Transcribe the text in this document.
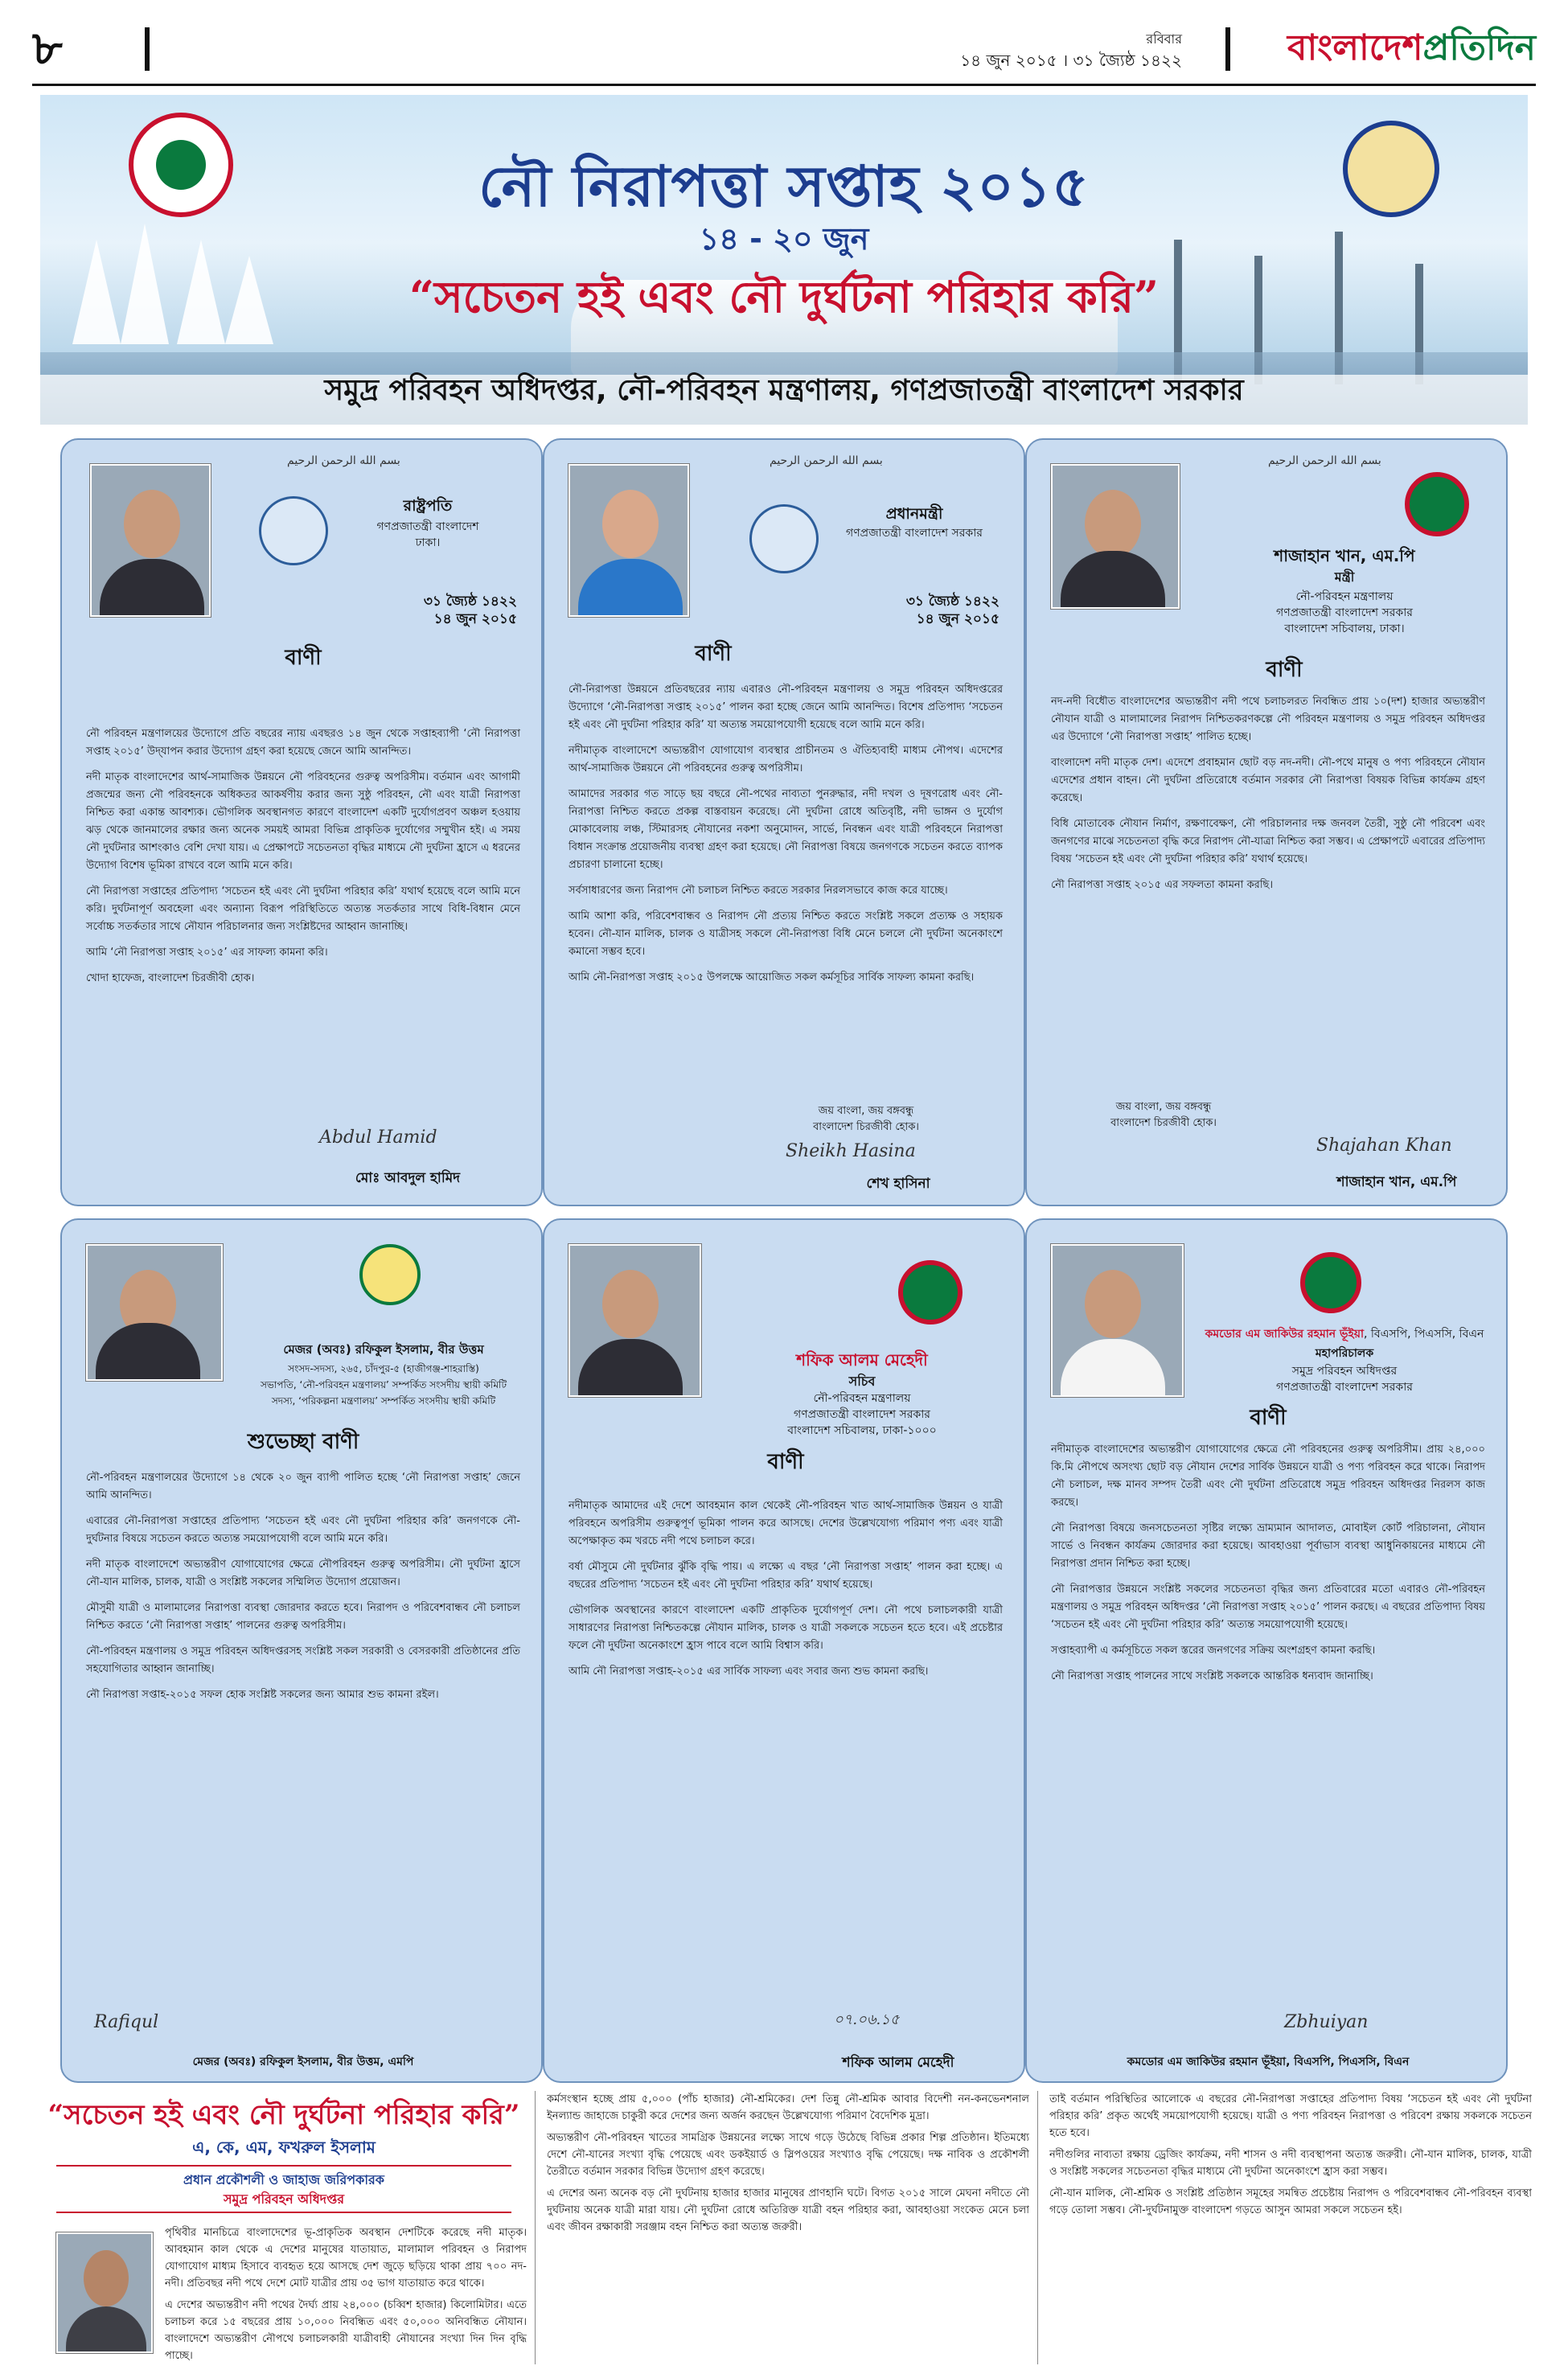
৮	রবিবার
১৪ জুন ২০১৫ । ৩১ জ্যৈষ্ঠ ১৪২২	বাংলাদেশপ্রতিদিন
নৌ নিরাপত্তা সপ্তাহ ২০১৫
১৪ - ২০ জুন
“সচেতন হই এবং নৌ দুর্ঘটনা পরিহার করি”
সমুদ্র পরিবহন অধিদপ্তর, নৌ-পরিবহন মন্ত্রণালয়, গণপ্রজাতন্ত্রী বাংলাদেশ সরকার
بسم الله الرحمن الرحيم
রাষ্ট্রপতি
গণপ্রজাতন্ত্রী বাংলাদেশ
ঢাকা।
৩১ জ্যৈষ্ঠ ১৪২২
১৪ জুন ২০১৫
বাণী

নৌ পরিবহন মন্ত্রণালয়ের উদ্যোগে প্রতি বছরের ন্যায় এবছরও ১৪ জুন থেকে সপ্তাহব্যাপী ‘নৌ নিরাপত্তা সপ্তাহ ২০১৫’ উদ্‌যাপন করার উদ্যোগ গ্রহণ করা হয়েছে জেনে আমি আনন্দিত।

নদী মাতৃক বাংলাদেশের আর্থ-সামাজিক উন্নয়নে নৌ পরিবহনের গুরুত্ব অপরিসীম। বর্তমান এবং আগামী প্রজন্মের জন্য নৌ পরিবহনকে অধিকতর আকর্ষণীয় করার জন্য সুষ্ঠু পরিবহন, নৌ এবং যাত্রী নিরাপত্তা নিশ্চিত করা একান্ত আবশ্যক। ভৌগলিক অবস্থানগত কারণে বাংলাদেশ একটি দুর্যোগপ্রবণ অঞ্চল হওয়ায় ঝড় থেকে জানমালের রক্ষার জন্য অনেক সময়ই আমরা বিভিন্ন প্রাকৃতিক দুর্যোগের সম্মুখীন হই। এ সময় নৌ দুর্ঘটনার আশংকাও বেশি দেখা যায়। এ প্রেক্ষাপটে সচেতনতা বৃদ্ধির মাধ্যমে নৌ দুর্ঘটনা হ্রাসে এ ধরনের উদ্যোগ বিশেষ ভূমিকা রাখবে বলে আমি মনে করি।

নৌ নিরাপত্তা সপ্তাহের প্রতিপাদ্য ‘সচেতন হই এবং নৌ দুর্ঘটনা পরিহার করি’ যথার্থ হয়েছে বলে আমি মনে করি। দুর্ঘটনাপূর্ণ অবহেলা এবং অন্যান্য বিরূপ পরিস্থিতিতে অত্যন্ত সতর্কতার সাথে বিধি-বিধান মেনে সর্বোচ্চ সতর্কতার সাথে নৌযান পরিচালনার জন্য সংশ্লিষ্টদের আহ্বান জানাচ্ছি।

আমি ‘নৌ নিরাপত্তা সপ্তাহ ২০১৫’ এর সাফল্য কামনা করি।

খোদা হাফেজ, বাংলাদেশ চিরজীবী হোক।

Abdul Hamid
মোঃ আবদুল হামিদ
بسم الله الرحمن الرحيم
প্রধানমন্ত্রী
গণপ্রজাতন্ত্রী বাংলাদেশ সরকার
৩১ জ্যৈষ্ঠ ১৪২২
১৪ জুন ২০১৫
বাণী

নৌ-নিরাপত্তা উন্নয়নে প্রতিবছরের ন্যায় এবারও নৌ-পরিবহন মন্ত্রণালয় ও সমুদ্র পরিবহন অধিদপ্তরের উদ্যোগে ‘নৌ-নিরাপত্তা সপ্তাহ ২০১৫’ পালন করা হচ্ছে জেনে আমি আনন্দিত। বিশেষ প্রতিপাদ্য ‘সচেতন হই এবং নৌ দুর্ঘটনা পরিহার করি’ যা অত্যন্ত সময়োপযোগী হয়েছে বলে আমি মনে করি।

নদীমাতৃক বাংলাদেশে অভ্যন্তরীণ যোগাযোগ ব্যবস্থার প্রাচীনতম ও ঐতিহ্যবাহী মাধ্যম নৌপথ। এদেশের আর্থ-সামাজিক উন্নয়নে নৌ পরিবহনের গুরুত্ব অপরিসীম।

আমাদের সরকার গত সাড়ে ছয় বছরে নৌ-পথের নাব্যতা পুনরুদ্ধার, নদী দখল ও দূষণরোধ এবং নৌ-নিরাপত্তা নিশ্চিত করতে প্রকল্প বাস্তবায়ন করেছে। নৌ দুর্ঘটনা রোধে অতিবৃষ্টি, নদী ভাঙ্গন ও দুর্যোগ মোকাবেলায় লঞ্চ, স্টিমারসহ নৌযানের নকশা অনুমোদন, সার্ভে, নিবন্ধন এবং যাত্রী পরিবহনে নিরাপত্তা বিধান সংক্রান্ত প্রয়োজনীয় ব্যবস্থা গ্রহণ করা হয়েছে। নৌ নিরাপত্তা বিষয়ে জনগণকে সচেতন করতে ব্যাপক প্রচারণা চালানো হচ্ছে।

সর্বসাধারণের জন্য নিরাপদ নৌ চলাচল নিশ্চিত করতে সরকার নিরলসভাবে কাজ করে যাচ্ছে।

আমি আশা করি, পরিবেশবান্ধব ও নিরাপদ নৌ প্রত্যয় নিশ্চিত করতে সংশ্লিষ্ট সকলে প্রত্যক্ষ ও সহায়ক হবেন। নৌ-যান মালিক, চালক ও যাত্রীসহ সকলে নৌ-নিরাপত্তা বিধি মেনে চললে নৌ দুর্ঘটনা অনেকাংশে কমানো সম্ভব হবে।

আমি নৌ-নিরাপত্তা সপ্তাহ ২০১৫ উপলক্ষে আয়োজিত সকল কর্মসূচির সার্বিক সাফল্য কামনা করছি।

জয় বাংলা, জয় বঙ্গবন্ধু
বাংলাদেশ চিরজীবী হোক।
Sheikh Hasina
শেখ হাসিনা
بسم الله الرحمن الرحيم
শাজাহান খান, এম.পি
মন্ত্রী
নৌ-পরিবহন মন্ত্রণালয়
গণপ্রজাতন্ত্রী বাংলাদেশ সরকার
বাংলাদেশ সচিবালয়, ঢাকা।
বাণী

নদ-নদী বিধৌত বাংলাদেশের অভ্যন্তরীণ নদী পথে চলাচলরত নিবন্ধিত প্রায় ১০(দশ) হাজার অভ্যন্তরীণ নৌযান যাত্রী ও মালামালের নিরাপদ নিশ্চিতকরণকল্পে নৌ পরিবহন মন্ত্রণালয় ও সমুদ্র পরিবহন অধিদপ্তর এর উদ্যোগে ‘নৌ নিরাপত্তা সপ্তাহ’ পালিত হচ্ছে।

বাংলাদেশ নদী মাতৃক দেশ। এদেশে প্রবাহমান ছোট বড় নদ-নদী। নৌ-পথে মানুষ ও পণ্য পরিবহনে নৌযান এদেশের প্রধান বাহন। নৌ দুর্ঘটনা প্রতিরোধে বর্তমান সরকার নৌ নিরাপত্তা বিষয়ক বিভিন্ন কার্যক্রম গ্রহণ করেছে।

বিধি মোতাবেক নৌযান নির্মাণ, রক্ষণাবেক্ষণ, নৌ পরিচালনার দক্ষ জনবল তৈরী, সুষ্ঠু নৌ পরিবেশ এবং জনগণের মাঝে সচেতনতা বৃদ্ধি করে নিরাপদ নৌ-যাত্রা নিশ্চিত করা সম্ভব। এ প্রেক্ষাপটে এবারের প্রতিপাদ্য বিষয় ‘সচেতন হই এবং নৌ দুর্ঘটনা পরিহার করি’ যথার্থ হয়েছে।

নৌ নিরাপত্তা সপ্তাহ ২০১৫ এর সফলতা কামনা করছি।

জয় বাংলা, জয় বঙ্গবন্ধু
বাংলাদেশ চিরজীবী হোক।
Shajahan Khan
শাজাহান খান, এম.পি
মেজর (অবঃ) রফিকুল ইসলাম, বীর উত্তম
সংসদ-সদস্য, ২৬৫, চাঁদপুর-৫ (হাজীগঞ্জ-শাহরাস্তি)
সভাপতি, ‘নৌ-পরিবহন মন্ত্রণালয়’ সম্পর্কিত সংসদীয় স্থায়ী কমিটি
সদস্য, ‘পরিকল্পনা মন্ত্রণালয়’ সম্পর্কিত সংসদীয় স্থায়ী কমিটি
শুভেচ্ছা বাণী

নৌ-পরিবহন মন্ত্রণালয়ের উদ্যোগে ১৪ থেকে ২০ জুন ব্যাপী পালিত হচ্ছে ‘নৌ নিরাপত্তা সপ্তাহ’ জেনে আমি আনন্দিত।

এবারের নৌ-নিরাপত্তা সপ্তাহের প্রতিপাদ্য ‘সচেতন হই এবং নৌ দুর্ঘটনা পরিহার করি’ জনগণকে নৌ-দুর্ঘটনার বিষয়ে সচেতন করতে অত্যন্ত সময়োপযোগী বলে আমি মনে করি।

নদী মাতৃক বাংলাদেশে অভ্যন্তরীণ যোগাযোগের ক্ষেত্রে নৌপরিবহন গুরুত্ব অপরিসীম। নৌ দুর্ঘটনা হ্রাসে নৌ-যান মালিক, চালক, যাত্রী ও সংশ্লিষ্ট সকলের সম্মিলিত উদ্যোগ প্রয়োজন।

মৌসুমী যাত্রী ও মালামালের নিরাপত্তা ব্যবস্থা জোরদার করতে হবে। নিরাপদ ও পরিবেশবান্ধব নৌ চলাচল নিশ্চিত করতে ‘নৌ নিরাপত্তা সপ্তাহ’ পালনের গুরুত্ব অপরিসীম।

নৌ-পরিবহন মন্ত্রণালয় ও সমুদ্র পরিবহন অধিদপ্তরসহ সংশ্লিষ্ট সকল সরকারী ও বেসরকারী প্রতিষ্ঠানের প্রতি সহযোগিতার আহ্বান জানাচ্ছি।

নৌ নিরাপত্তা সপ্তাহ-২০১৫ সফল হোক সংশ্লিষ্ট সকলের জন্য আমার শুভ কামনা রইল।

Rafiqul
মেজর (অবঃ) রফিকুল ইসলাম, বীর উত্তম, এমপি
শফিক আলম মেহেদী
সচিব
নৌ-পরিবহন মন্ত্রণালয়
গণপ্রজাতন্ত্রী বাংলাদেশ সরকার
বাংলাদেশ সচিবালয়, ঢাকা-১০০০
বাণী

নদীমাতৃক আমাদের এই দেশে আবহমান কাল থেকেই নৌ-পরিবহন খাত আর্থ-সামাজিক উন্নয়ন ও যাত্রী পরিবহনে অপরিসীম গুরুত্বপূর্ণ ভূমিকা পালন করে আসছে। দেশের উল্লেখযোগ্য পরিমাণ পণ্য এবং যাত্রী অপেক্ষাকৃত কম খরচে নদী পথে চলাচল করে।

বর্ষা মৌসুমে নৌ দুর্ঘটনার ঝুঁকি বৃদ্ধি পায়। এ লক্ষ্যে এ বছর ‘নৌ নিরাপত্তা সপ্তাহ’ পালন করা হচ্ছে। এ বছরের প্রতিপাদ্য ‘সচেতন হই এবং নৌ দুর্ঘটনা পরিহার করি’ যথার্থ হয়েছে।

ভৌগলিক অবস্থানের কারণে বাংলাদেশ একটি প্রাকৃতিক দুর্যোগপূর্ণ দেশ। নৌ পথে চলাচলকারী যাত্রী সাধারণের নিরাপত্তা নিশ্চিতকল্পে নৌযান মালিক, চালক ও যাত্রী সকলকে সচেতন হতে হবে। এই প্রচেষ্টার ফলে নৌ দুর্ঘটনা অনেকাংশে হ্রাস পাবে বলে আমি বিশ্বাস করি।

আমি নৌ নিরাপত্তা সপ্তাহ-২০১৫ এর সার্বিক সাফল্য এবং সবার জন্য শুভ কামনা করছি।

০৭.০৬.১৫
শফিক আলম মেহেদী
কমডোর এম জাকিউর রহমান ভূঁইয়া, বিএসপি, পিএসসি, বিএন
মহাপরিচালক
সমুদ্র পরিবহন অধিদপ্তর
গণপ্রজাতন্ত্রী বাংলাদেশ সরকার
বাণী

নদীমাতৃক বাংলাদেশের অভ্যন্তরীণ যোগাযোগের ক্ষেত্রে নৌ পরিবহনের গুরুত্ব অপরিসীম। প্রায় ২৪,০০০ কি.মি নৌপথে অসংখ্য ছোট বড় নৌযান দেশের সার্বিক উন্নয়নে যাত্রী ও পণ্য পরিবহন করে থাকে। নিরাপদ নৌ চলাচল, দক্ষ মানব সম্পদ তৈরী এবং নৌ দুর্ঘটনা প্রতিরোধে সমুদ্র পরিবহন অধিদপ্তর নিরলস কাজ করছে।

নৌ নিরাপত্তা বিষয়ে জনসচেতনতা সৃষ্টির লক্ষ্যে ভ্রাম্যমান আদালত, মোবাইল কোর্ট পরিচালনা, নৌযান সার্ভে ও নিবন্ধন কার্যক্রম জোরদার করা হয়েছে। আবহাওয়া পূর্বাভাস ব্যবস্থা আধুনিকায়নের মাধ্যমে নৌ নিরাপত্তা প্রদান নিশ্চিত করা হচ্ছে।

নৌ নিরাপত্তার উন্নয়নে সংশ্লিষ্ট সকলের সচেতনতা বৃদ্ধির জন্য প্রতিবারের মতো এবারও নৌ-পরিবহন মন্ত্রণালয় ও সমুদ্র পরিবহন অধিদপ্তর ‘নৌ নিরাপত্তা সপ্তাহ ২০১৫’ পালন করছে। এ বছরের প্রতিপাদ্য বিষয় ‘সচেতন হই এবং নৌ দুর্ঘটনা পরিহার করি’ অত্যন্ত সময়োপযোগী হয়েছে।

সপ্তাহব্যাপী এ কর্মসূচিতে সকল স্তরের জনগণের সক্রিয় অংশগ্রহণ কামনা করছি।

নৌ নিরাপত্তা সপ্তাহ পালনের সাথে সংশ্লিষ্ট সকলকে আন্তরিক ধন্যবাদ জানাচ্ছি।

Zbhuiyan
কমডোর এম জাকিউর রহমান ভূঁইয়া, বিএসপি, পিএসসি, বিএন
“সচেতন হই এবং নৌ দুর্ঘটনা পরিহার করি”
এ, কে, এম, ফখরুল ইসলাম
প্রধান প্রকৌশলী ও জাহাজ জরিপকারক
সমুদ্র পরিবহন অধিদপ্তর

পৃথিবীর মানচিত্রে বাংলাদেশের ভূ-প্রাকৃতিক অবস্থান দেশটিকে করেছে নদী মাতৃক। আবহমান কাল থেকে এ দেশের মানুষের যাতায়াত, মালামাল পরিবহন ও নিরাপদ যোগাযোগ মাধ্যম হিসাবে ব্যবহৃত হয়ে আসছে দেশ জুড়ে ছড়িয়ে থাকা প্রায় ৭০০ নদ-নদী। প্রতিবছর নদী পথে দেশে মোট যাত্রীর প্রায় ৩৫ ভাগ যাতায়াত করে থাকে।

এ দেশের অভ্যন্তরীণ নদী পথের দৈর্ঘ্য প্রায় ২৪,০০০ (চব্বিশ হাজার) কিলোমিটার। এতে চলাচল করে ১৫ বছরের প্রায় ১০,০০০ নিবন্ধিত এবং ৫০,০০০ অনিবন্ধিত নৌযান। বাংলাদেশে অভ্যন্তরীণ নৌপথে চলাচলকারী যাত্রীবাহী নৌযানের সংখ্যা দিন দিন বৃদ্ধি পাচ্ছে।

কর্মসংস্থান হচ্ছে প্রায় ৫,০০০ (পাঁচ হাজার) নৌ-শ্রমিকের। দেশ তিন্নু নৌ-শ্রমিক আবার বিদেশী নন-কনভেনশনাল ইনল্যান্ড জাহাজে চাকুরী করে দেশের জন্য অর্জন করছেন উল্লেখযোগ্য পরিমাণ বৈদেশিক মুদ্রা।

অভ্যন্তরীণ নৌ-পরিবহন খাতের সামগ্রিক উন্নয়নের লক্ষ্যে সাথে গড়ে উঠেছে বিভিন্ন প্রকার শিল্প প্রতিষ্ঠান। ইতিমধ্যে দেশে নৌ-যানের সংখ্যা বৃদ্ধি পেয়েছে এবং ডকইয়ার্ড ও স্লিপওয়ের সংখ্যাও বৃদ্ধি পেয়েছে। দক্ষ নাবিক ও প্রকৌশলী তৈরীতে বর্তমান সরকার বিভিন্ন উদ্যোগ গ্রহণ করেছে।

এ দেশের অন্য অনেক বড় নৌ দুর্ঘটনায় হাজার হাজার মানুষের প্রাণহানি ঘটে। বিগত ২০১৫ সালে মেঘনা নদীতে নৌ দুর্ঘটনায় অনেক যাত্রী মারা যায়। নৌ দুর্ঘটনা রোধে অতিরিক্ত যাত্রী বহন পরিহার করা, আবহাওয়া সংকেত মেনে চলা এবং জীবন রক্ষাকারী সরঞ্জাম বহন নিশ্চিত করা অত্যন্ত জরুরী।

তাই বর্তমান পরিস্থিতির আলোকে এ বছরের নৌ-নিরাপত্তা সপ্তাহের প্রতিপাদ্য বিষয় ‘সচেতন হই এবং নৌ দুর্ঘটনা পরিহার করি’ প্রকৃত অর্থেই সময়োপযোগী হয়েছে। যাত্রী ও পণ্য পরিবহন নিরাপত্তা ও পরিবেশ রক্ষায় সকলকে সচেতন হতে হবে।

নদীগুলির নাব্যতা রক্ষায় ড্রেজিং কার্যক্রম, নদী শাসন ও নদী ব্যবস্থাপনা অত্যন্ত জরুরী। নৌ-যান মালিক, চালক, যাত্রী ও সংশ্লিষ্ট সকলের সচেতনতা বৃদ্ধির মাধ্যমে নৌ দুর্ঘটনা অনেকাংশে হ্রাস করা সম্ভব।

নৌ-যান মালিক, নৌ-শ্রমিক ও সংশ্লিষ্ট প্রতিষ্ঠান সমূহের সমন্বিত প্রচেষ্টায় নিরাপদ ও পরিবেশবান্ধব নৌ-পরিবহন ব্যবস্থা গড়ে তোলা সম্ভব। নৌ-দুর্ঘটনামুক্ত বাংলাদেশ গড়তে আসুন আমরা সকলে সচেতন হই।
